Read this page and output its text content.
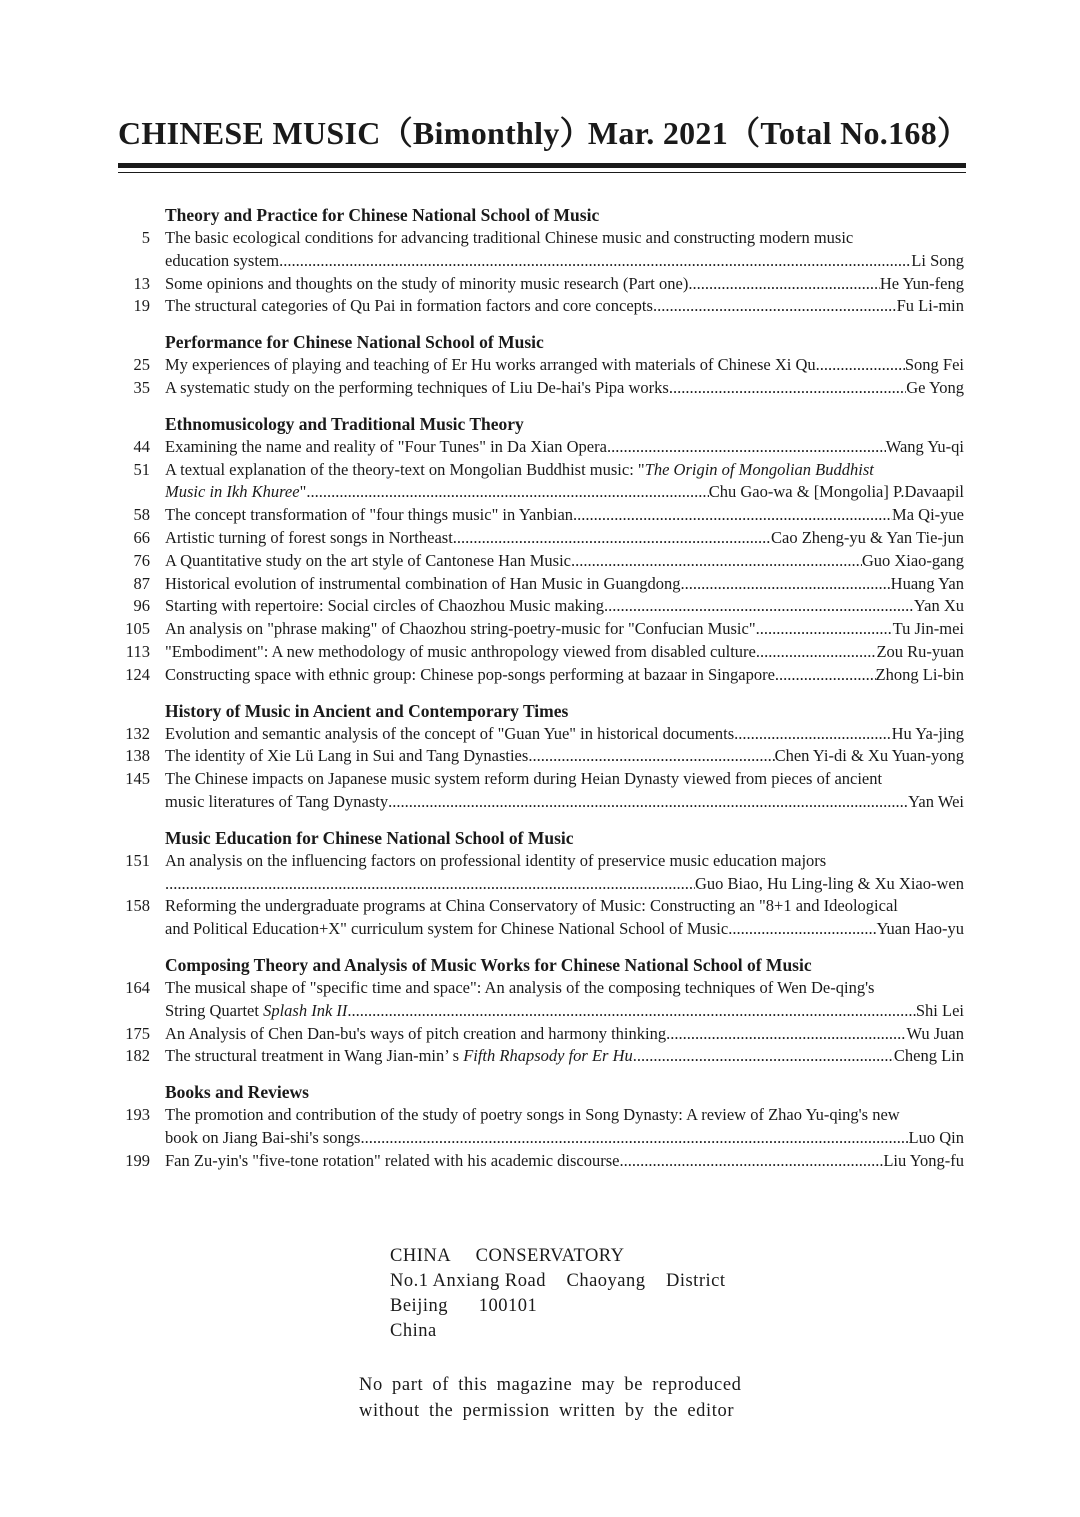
CHINESE MUSIC（Bimonthly）
Mar. 2021（Total No.168）
Theory and Practice for Chinese National School of Music
5 The basic ecological conditions for advancing traditional Chinese music and constructing modern music
education system .....	Li Song
13 Some opinions and thoughts on the study of minority music research (Part one) .....	He Yun-feng
19 The structural categories of Qu Pai in formation factors and core concepts .....	Fu Li-min
Performance for Chinese National School of Music
25 My experiences of playing and teaching of Er Hu works arranged with materials of Chinese Xi Qu .....	Song Fei
35 A systematic study on the performing techniques of Liu De-hai's Pipa works .....	Ge Yong
Ethnomusicology and Traditional Music Theory
44 Examining the name and reality of "Four Tunes" in Da Xian Opera .....	Wang Yu-qi
51 A textual explanation of the theory-text on Mongolian Buddhist music: "The Origin of Mongolian Buddhist
Music in Ikh Khuree" .....	Chu Gao-wa & [Mongolia] P.Davaapil
58 The concept transformation of "four things music" in Yanbian .....	Ma Qi-yue
66 Artistic turning of forest songs in Northeast .....	Cao Zheng-yu & Yan Tie-jun
76 A Quantitative study on the art style of Cantonese Han Music .....	Guo Xiao-gang
87 Historical evolution of instrumental combination of Han Music in Guangdong .....	Huang Yan
96 Starting with repertoire: Social circles of Chaozhou Music making .....	Yan Xu
105 An analysis on "phrase making" of Chaozhou string-poetry-music for "Confucian Music" .....	Tu Jin-mei
113 "Embodiment": A new methodology of music anthropology viewed from disabled culture .....	Zou Ru-yuan
124 Constructing space with ethnic group: Chinese pop-songs performing at bazaar in Singapore .....	Zhong Li-bin
History of Music in Ancient and Contemporary Times
132 Evolution and semantic analysis of the concept of "Guan Yue" in historical documents .....	Hu Ya-jing
138 The identity of Xie Lü Lang in Sui and Tang Dynasties .....	Chen Yi-di & Xu Yuan-yong
145 The Chinese impacts on Japanese music system reform during Heian Dynasty viewed from pieces of ancient
music literatures of Tang Dynasty .....	Yan Wei
Music Education for Chinese National School of Music
151 An analysis on the influencing factors on professional identity of preservice music education majors
.....
Guo Biao, Hu Ling-ling & Xu Xiao-wen
158 Reforming the undergraduate programs at China Conservatory of Music: Constructing an "8+1 and Ideological
and Political Education+X" curriculum system for Chinese National School of Music .....	Yuan Hao-yu
Composing Theory and Analysis of Music Works for Chinese National School of Music
164 The musical shape of "specific time and space": An analysis of the composing techniques of Wen De-qing's
String Quartet Splash Ink II .....	Shi Lei
175 An Analysis of Chen Dan-bu's ways of pitch creation and harmony thinking .....	Wu Juan
182 The structural treatment in Wang Jian-min’ s Fifth Rhapsody for Er Hu .....	Cheng Lin
Books and Reviews
193 The promotion and contribution of the study of poetry songs in Song Dynasty: A review of Zhao Yu-qing's new
book on Jiang Bai-shi's songs .....	Luo Qin
199 Fan Zu-yin's "five-tone rotation" related with his academic discourse .....	Liu Yong-fu
CHINA     CONSERVATORY
No.1 Anxiang Road    Chaoyang    District
Beijing      100101
China
No part of this magazine may be reproduced
without the permission written by the editor
